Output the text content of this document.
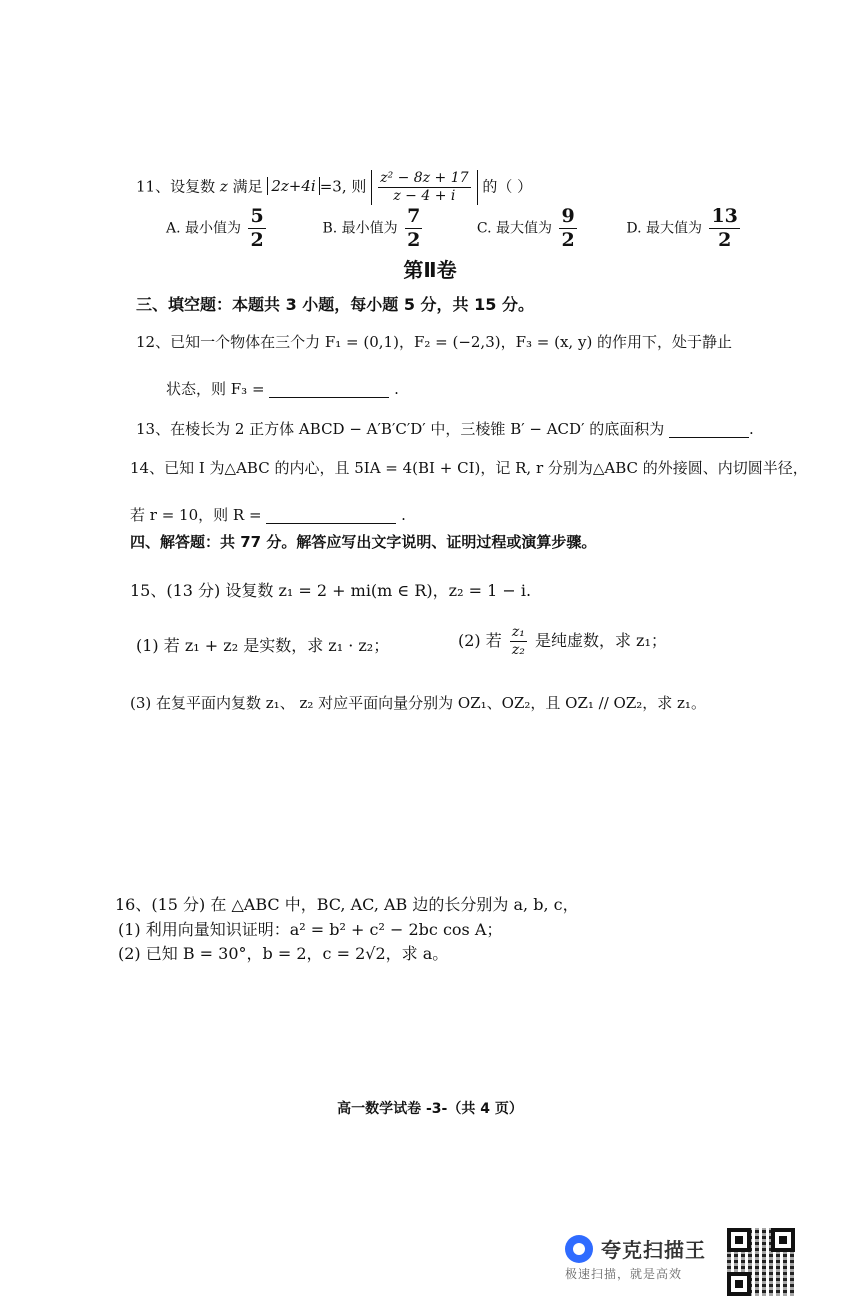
11、设复数 z 满足 2z+4i =3, 则 $\frac{\text{z² − 8z + 17}}{z - 4 + i}$ 的（ ）
A. 最小值为 $\frac{5}{2}$	B. 最小值为 $\frac{7}{2}$	C. 最大值为 $\frac{9}{2}$	D. 最大值为 $\frac{13}{2}$
第Ⅱ卷
三、填空题：本题共 3 小题，每小题 5 分，共 15 分。
12、已知一个物体在三个力 F₁ = (0,1)，F₂ = (−2,3)，F₃ = (x, y) 的作用下，处于静止
状态，则 F₃ =	.
13、在棱长为 2 正方体 ABCD − A′B′C′D′ 中，三棱锥 B′ − ACD′ 的底面积为	.
14、已知 I 为△ABC 的内心，且 5IA = 4(BI + CI)，记 R, r 分别为△ABC 的外接圆、内切圆半径，
若 r = 10，则 R =	.
四、解答题：共 77 分。解答应写出文字说明、证明过程或演算步骤。
15、(13 分) 设复数 z₁ = 2 + mi(m ∈ R)，z₂ = 1 − i.
(1) 若 z₁ + z₂ 是实数，求 z₁ · z₂；	(2) 若 $\frac{\text{z₁}}{\text{z₂}}$ 是纯虚数，求 z₁；
(3) 在复平面内复数 z₁、 z₂ 对应平面向量分别为 OZ₁、OZ₂，且 OZ₁ // OZ₂，求 z₁。
16、(15 分) 在 △ABC 中，BC, AC, AB 边的长分别为 a, b, c，
(1) 利用向量知识证明：a² = b² + c² − 2bc cos A；
(2) 已知 B = 30°，b = 2，c = 2√2，求 a。
高一数学试卷 -3-（共 4 页）
夸克扫描王
极速扫描，就是高效
